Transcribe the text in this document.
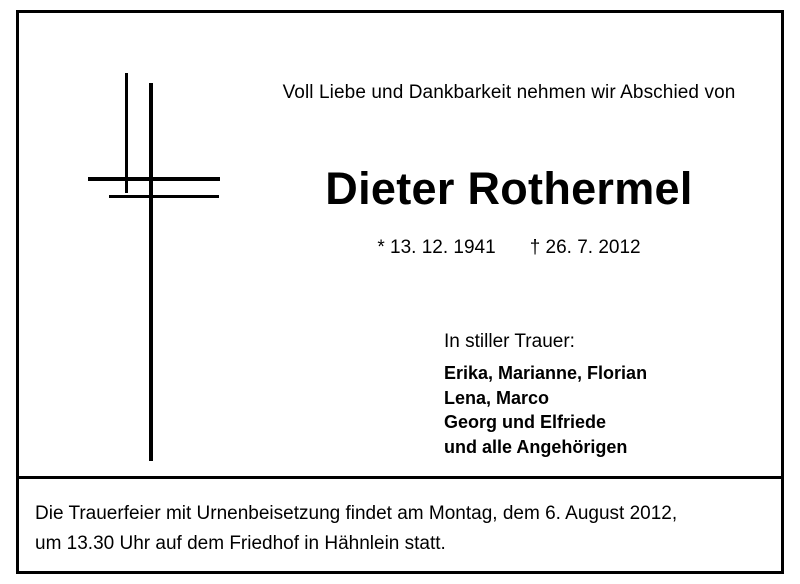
Voll Liebe und Dankbarkeit nehmen wir Abschied von
Dieter Rothermel
* 13. 12. 1941 † 26. 7. 2012
In stiller Trauer:
Erika, Marianne, Florian
Lena, Marco
Georg und Elfriede
und alle Angehörigen
Die Trauerfeier mit Urnenbeisetzung findet am Montag, dem 6. August 2012,
um 13.30 Uhr auf dem Friedhof in Hähnlein statt.
